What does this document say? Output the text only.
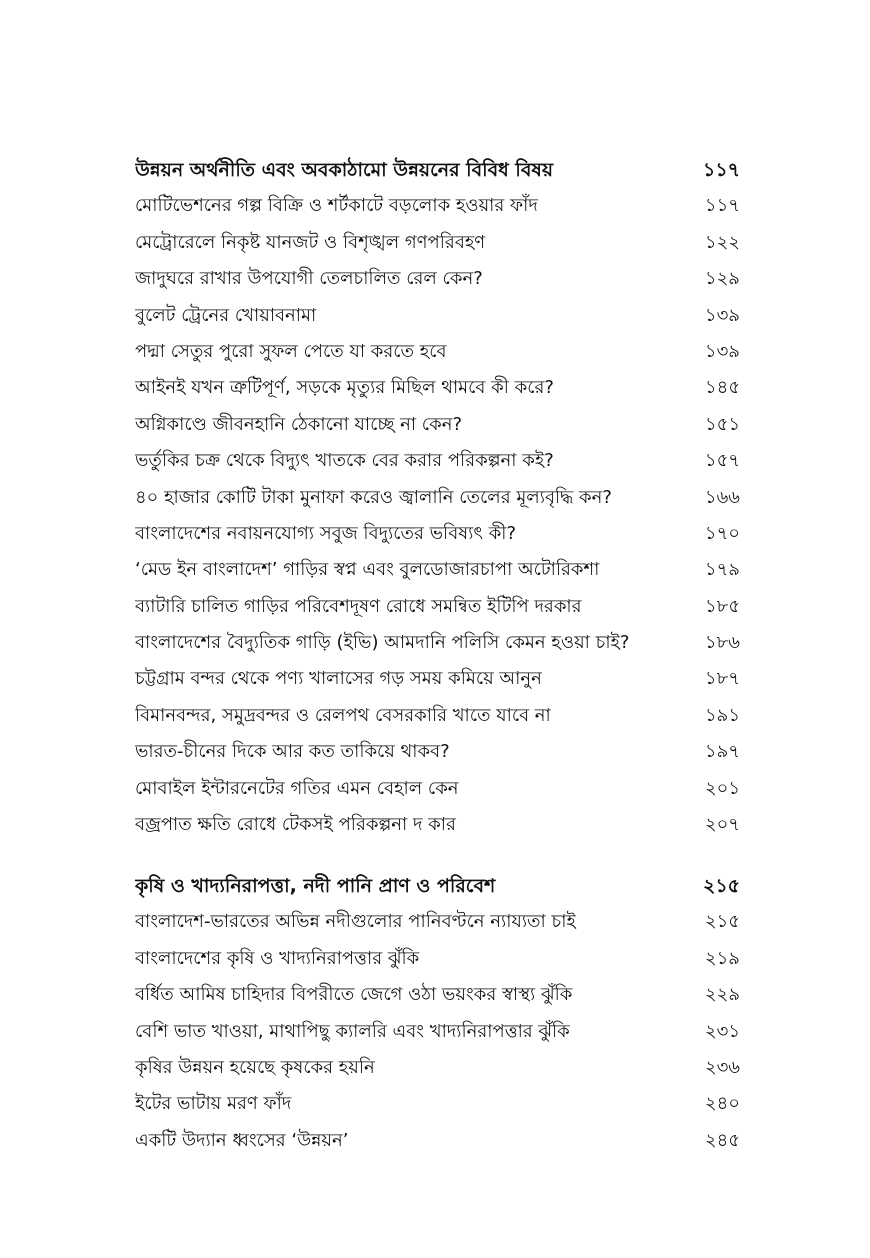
উন্নয়ন অর্থনীতি এবং অবকাঠামো উন্নয়নের বিবিধ বিষয়	১১৭
মোটিভেশনের গল্প বিক্রি ও শর্টকাটে বড়লোক হওয়ার ফাঁদ	১১৭
মেট্রোরেলে নিকৃষ্ট যানজট ও বিশৃঙ্খল গণপরিবহণ	১২২
জাদুঘরে রাখার উপযোগী তেলচালিত রেল কেন?	১২৯
বুলেট ট্রেনের খোয়াবনামা	১৩৯
পদ্মা সেতুর পুরো সুফল পেতে যা করতে হবে	১৩৯
আইনই যখন ত্রুটিপূর্ণ, সড়কে মৃত্যুর মিছিল থামবে কী করে?	১৪৫
অগ্নিকাণ্ডে জীবনহানি ঠেকানো যাচ্ছে না কেন?	১৫১
ভর্তুকির চক্র থেকে বিদ্যুৎ খাতকে বের করার পরিকল্পনা কই?	১৫৭
৪০ হাজার কোটি টাকা মুনাফা করেও জ্বালানি তেলের মূল্যবৃদ্ধি কন?	১৬৬
বাংলাদেশের নবায়নযোগ্য সবুজ বিদ্যুতের ভবিষ্যৎ কী?	১৭০
‘মেড ইন বাংলাদেশ’ গাড়ির স্বপ্ন এবং বুলডোজারচাপা অটোরিকশা	১৭৯
ব্যাটারি চালিত গাড়ির পরিবেশদূষণ রোধে সমন্বিত ইটিপি দরকার	১৮৫
বাংলাদেশের বৈদ্যুতিক গাড়ি (ইভি) আমদানি পলিসি কেমন হওয়া চাই?	১৮৬
চট্টগ্রাম বন্দর থেকে পণ্য খালাসের গড় সময় কমিয়ে আনুন	১৮৭
বিমানবন্দর, সমুদ্রবন্দর ও রেলপথ বেসরকারি খাতে যাবে না	১৯১
ভারত-চীনের দিকে আর কত তাকিয়ে থাকব?	১৯৭
মোবাইল ইন্টারনেটের গতির এমন বেহাল কেন	২০১
বজ্রপাত ক্ষতি রোধে টেকসই পরিকল্পনা দ কার	২০৭
কৃষি ও খাদ্যনিরাপত্তা, নদী পানি প্রাণ ও পরিবেশ	২১৫
বাংলাদেশ-ভারতের অভিন্ন নদীগুলোর পানিবণ্টনে ন্যায্যতা চাই	২১৫
বাংলাদেশের কৃষি ও খাদ্যনিরাপত্তার ঝুঁকি	২১৯
বর্ধিত আমিষ চাহিদার বিপরীতে জেগে ওঠা ভয়ংকর স্বাস্থ্য ঝুঁকি	২২৯
বেশি ভাত খাওয়া, মাথাপিছু ক্যালরি এবং খাদ্যনিরাপত্তার ঝুঁকি	২৩১
কৃষির উন্নয়ন হয়েছে কৃষকের হয়নি	২৩৬
ইটের ভাটায় মরণ ফাঁদ	২৪০
একটি উদ্যান ধ্বংসের ‘উন্নয়ন’	২৪৫
